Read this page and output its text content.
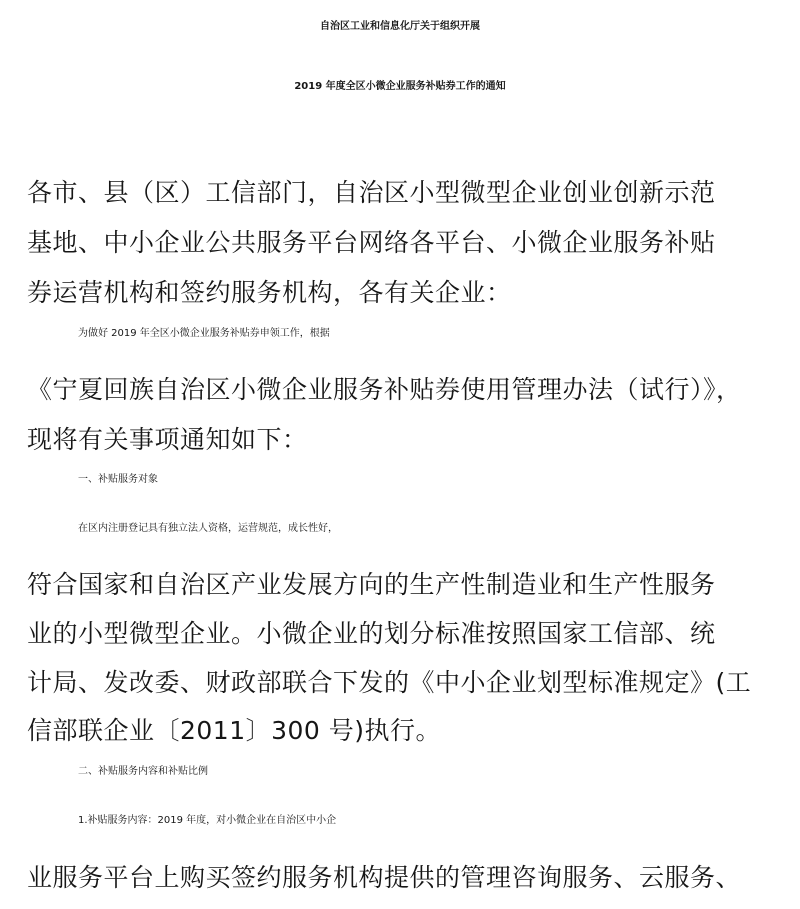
自治区工业和信息化厅关于组织开展
2019 年度全区小微企业服务补贴券工作的通知
各市、县（区）工信部门，自治区小型微型企业创业创新示范
基地、中小企业公共服务平台网络各平台、小微企业服务补贴
券运营机构和签约服务机构，各有关企业：
为做好 2019 年全区小微企业服务补贴券申领工作，根据
《宁夏回族自治区小微企业服务补贴券使用管理办法（试行）》，
现将有关事项通知如下：
一、补贴服务对象
在区内注册登记具有独立法人资格，运营规范，成长性好，
符合国家和自治区产业发展方向的生产性制造业和生产性服务
业的小型微型企业。小微企业的划分标准按照国家工信部、统
计局、发改委、财政部联合下发的《中小企业划型标准规定》(工
信部联企业〔2011〕300 号)执行。
二、补贴服务内容和补贴比例
1.补贴服务内容：2019 年度，对小微企业在自治区中小企
业服务平台上购买签约服务机构提供的管理咨询服务、云服务、
